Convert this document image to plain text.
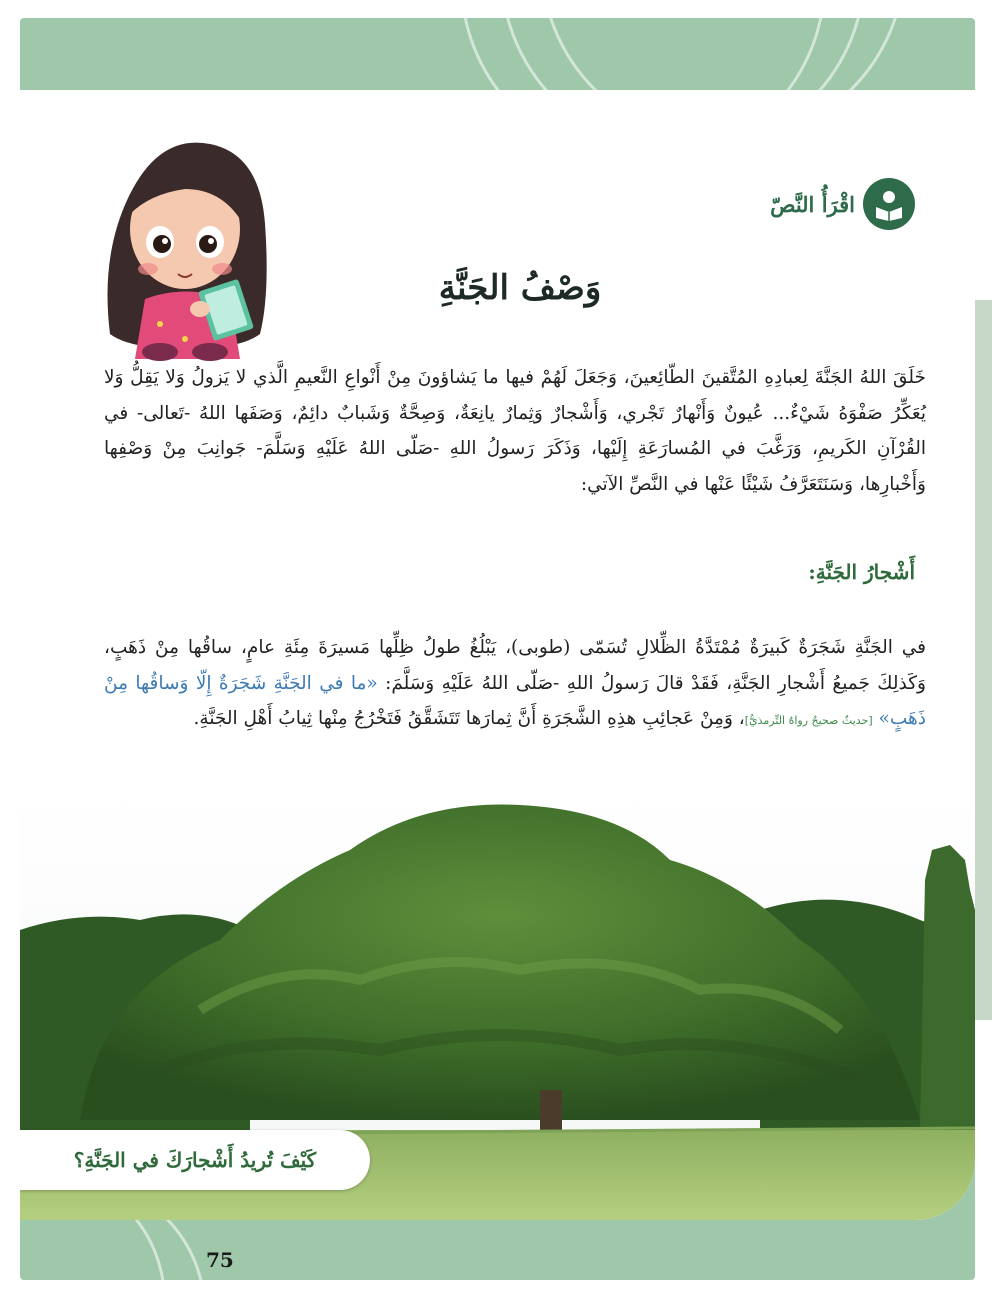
اقْرَأُ النَّصّ
وَصْفُ الجَنَّةِ
خَلَقَ اللهُ الجَنَّةَ لِعبادِهِ المُتَّقينَ الطّائِعينَ، وَجَعَلَ لَهُمْ فيها ما يَشاؤونَ مِنْ أَنْواعِ النَّعيمِ الَّذي لا يَزولُ وَلا يَقِلُّ وَلا يُعَكِّرُ صَفْوَهُ شَيْءٌ... عُيونٌ وَأَنْهارٌ تَجْري، وَأَشْجارٌ وَثِمارٌ يانِعَةٌ، وَصِحَّةٌ وَشَبابٌ دائِمٌ، وَصَفَها اللهُ -تَعالى- في القُرْآنِ الكَريمِ، وَرَغَّبَ في المُسارَعَةِ إِلَيْها، وَذَكَرَ رَسولُ اللهِ -صَلّى اللهُ عَلَيْهِ وَسَلَّمَ- جَوانِبَ مِنْ وَصْفِها وَأَخْبارِها، وَسَنَتَعَرَّفُ شَيْئًا عَنْها في النَّصِّ الآتي:
أَشْجارُ الجَنَّةِ:
في الجَنَّةِ شَجَرَةٌ كَبيرَةٌ مُمْتَدَّةُ الظِّلالِ تُسَمّى (طوبى)، يَبْلُغُ طولُ ظِلِّها مَسيرَةَ مِئَةِ عامٍ، ساقُها مِنْ ذَهَبٍ، وَكَذلِكَ جَميعُ أَشْجارِ الجَنَّةِ، فَقَدْ قالَ رَسولُ اللهِ -صَلّى اللهُ عَلَيْهِ وَسَلَّمَ: «ما في الجَنَّةِ شَجَرَةٌ إِلّا وَساقُها مِنْ ذَهَبٍ» [حديثٌ صحيحٌ رواهُ التِّرمذيُّ]، وَمِنْ عَجائِبِ هذِهِ الشَّجَرَةِ أَنَّ ثِمارَها تَتَشَقَّقُ فَتَخْرُجُ مِنْها ثِيابُ أَهْلِ الجَنَّةِ.
كَيْفَ تُريدُ أَشْجارَكَ في الجَنَّةِ؟
75
